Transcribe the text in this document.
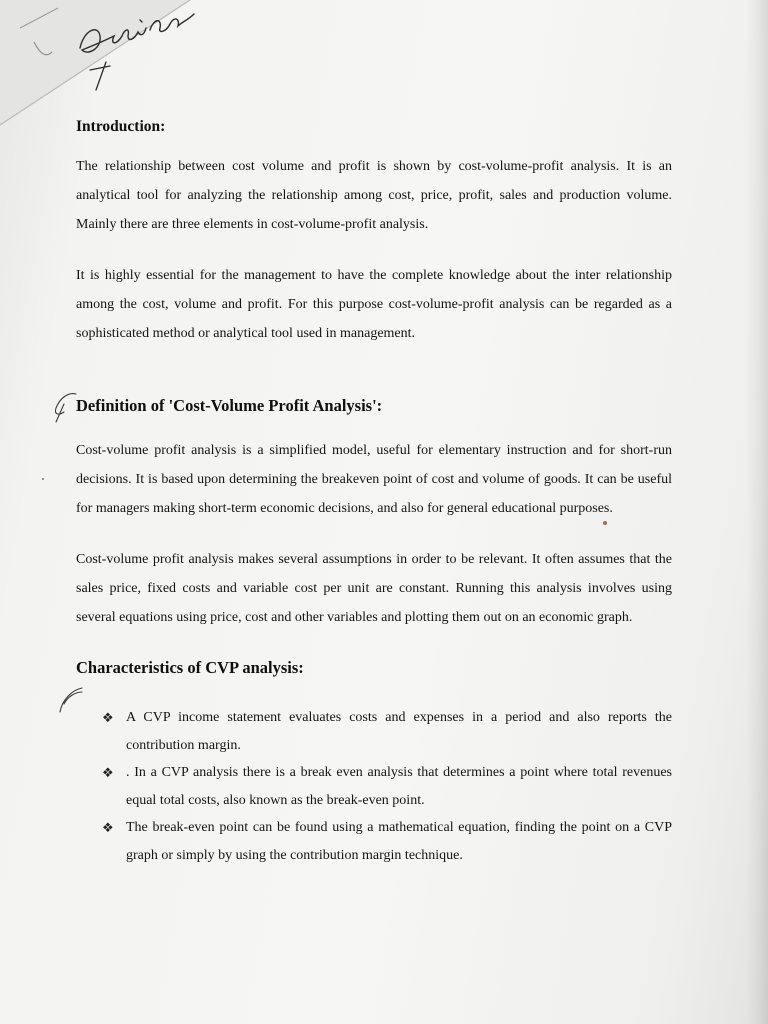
Introduction:

The relationship between cost volume and profit is shown by cost-volume-profit analysis. It is an analytical tool for analyzing the relationship among cost, price, profit, sales and production volume. Mainly there are three elements in cost-volume-profit analysis.

It is highly essential for the management to have the complete knowledge about the inter relationship among the cost, volume and profit. For this purpose cost-volume-profit analysis can be regarded as a sophisticated method or analytical tool used in management.

Definition of 'Cost-Volume Profit Analysis':

Cost-volume profit analysis is a simplified model, useful for elementary instruction and for short-run decisions. It is based upon determining the breakeven point of cost and volume of goods. It can be useful for managers making short-term economic decisions, and also for general educational purposes.

Cost-volume profit analysis makes several assumptions in order to be relevant. It often assumes that the sales price, fixed costs and variable cost per unit are constant. Running this analysis involves using several equations using price, cost and other variables and plotting them out on an economic graph.

Characteristics of CVP analysis:
❖ A CVP income statement evaluates costs and expenses in a period and also reports the contribution margin.
❖ . In a CVP analysis there is a break even analysis that determines a point where total revenues equal total costs, also known as the break-even point.
❖ The break-even point can be found using a mathematical equation, finding the point on a CVP graph or simply by using the contribution margin technique.
